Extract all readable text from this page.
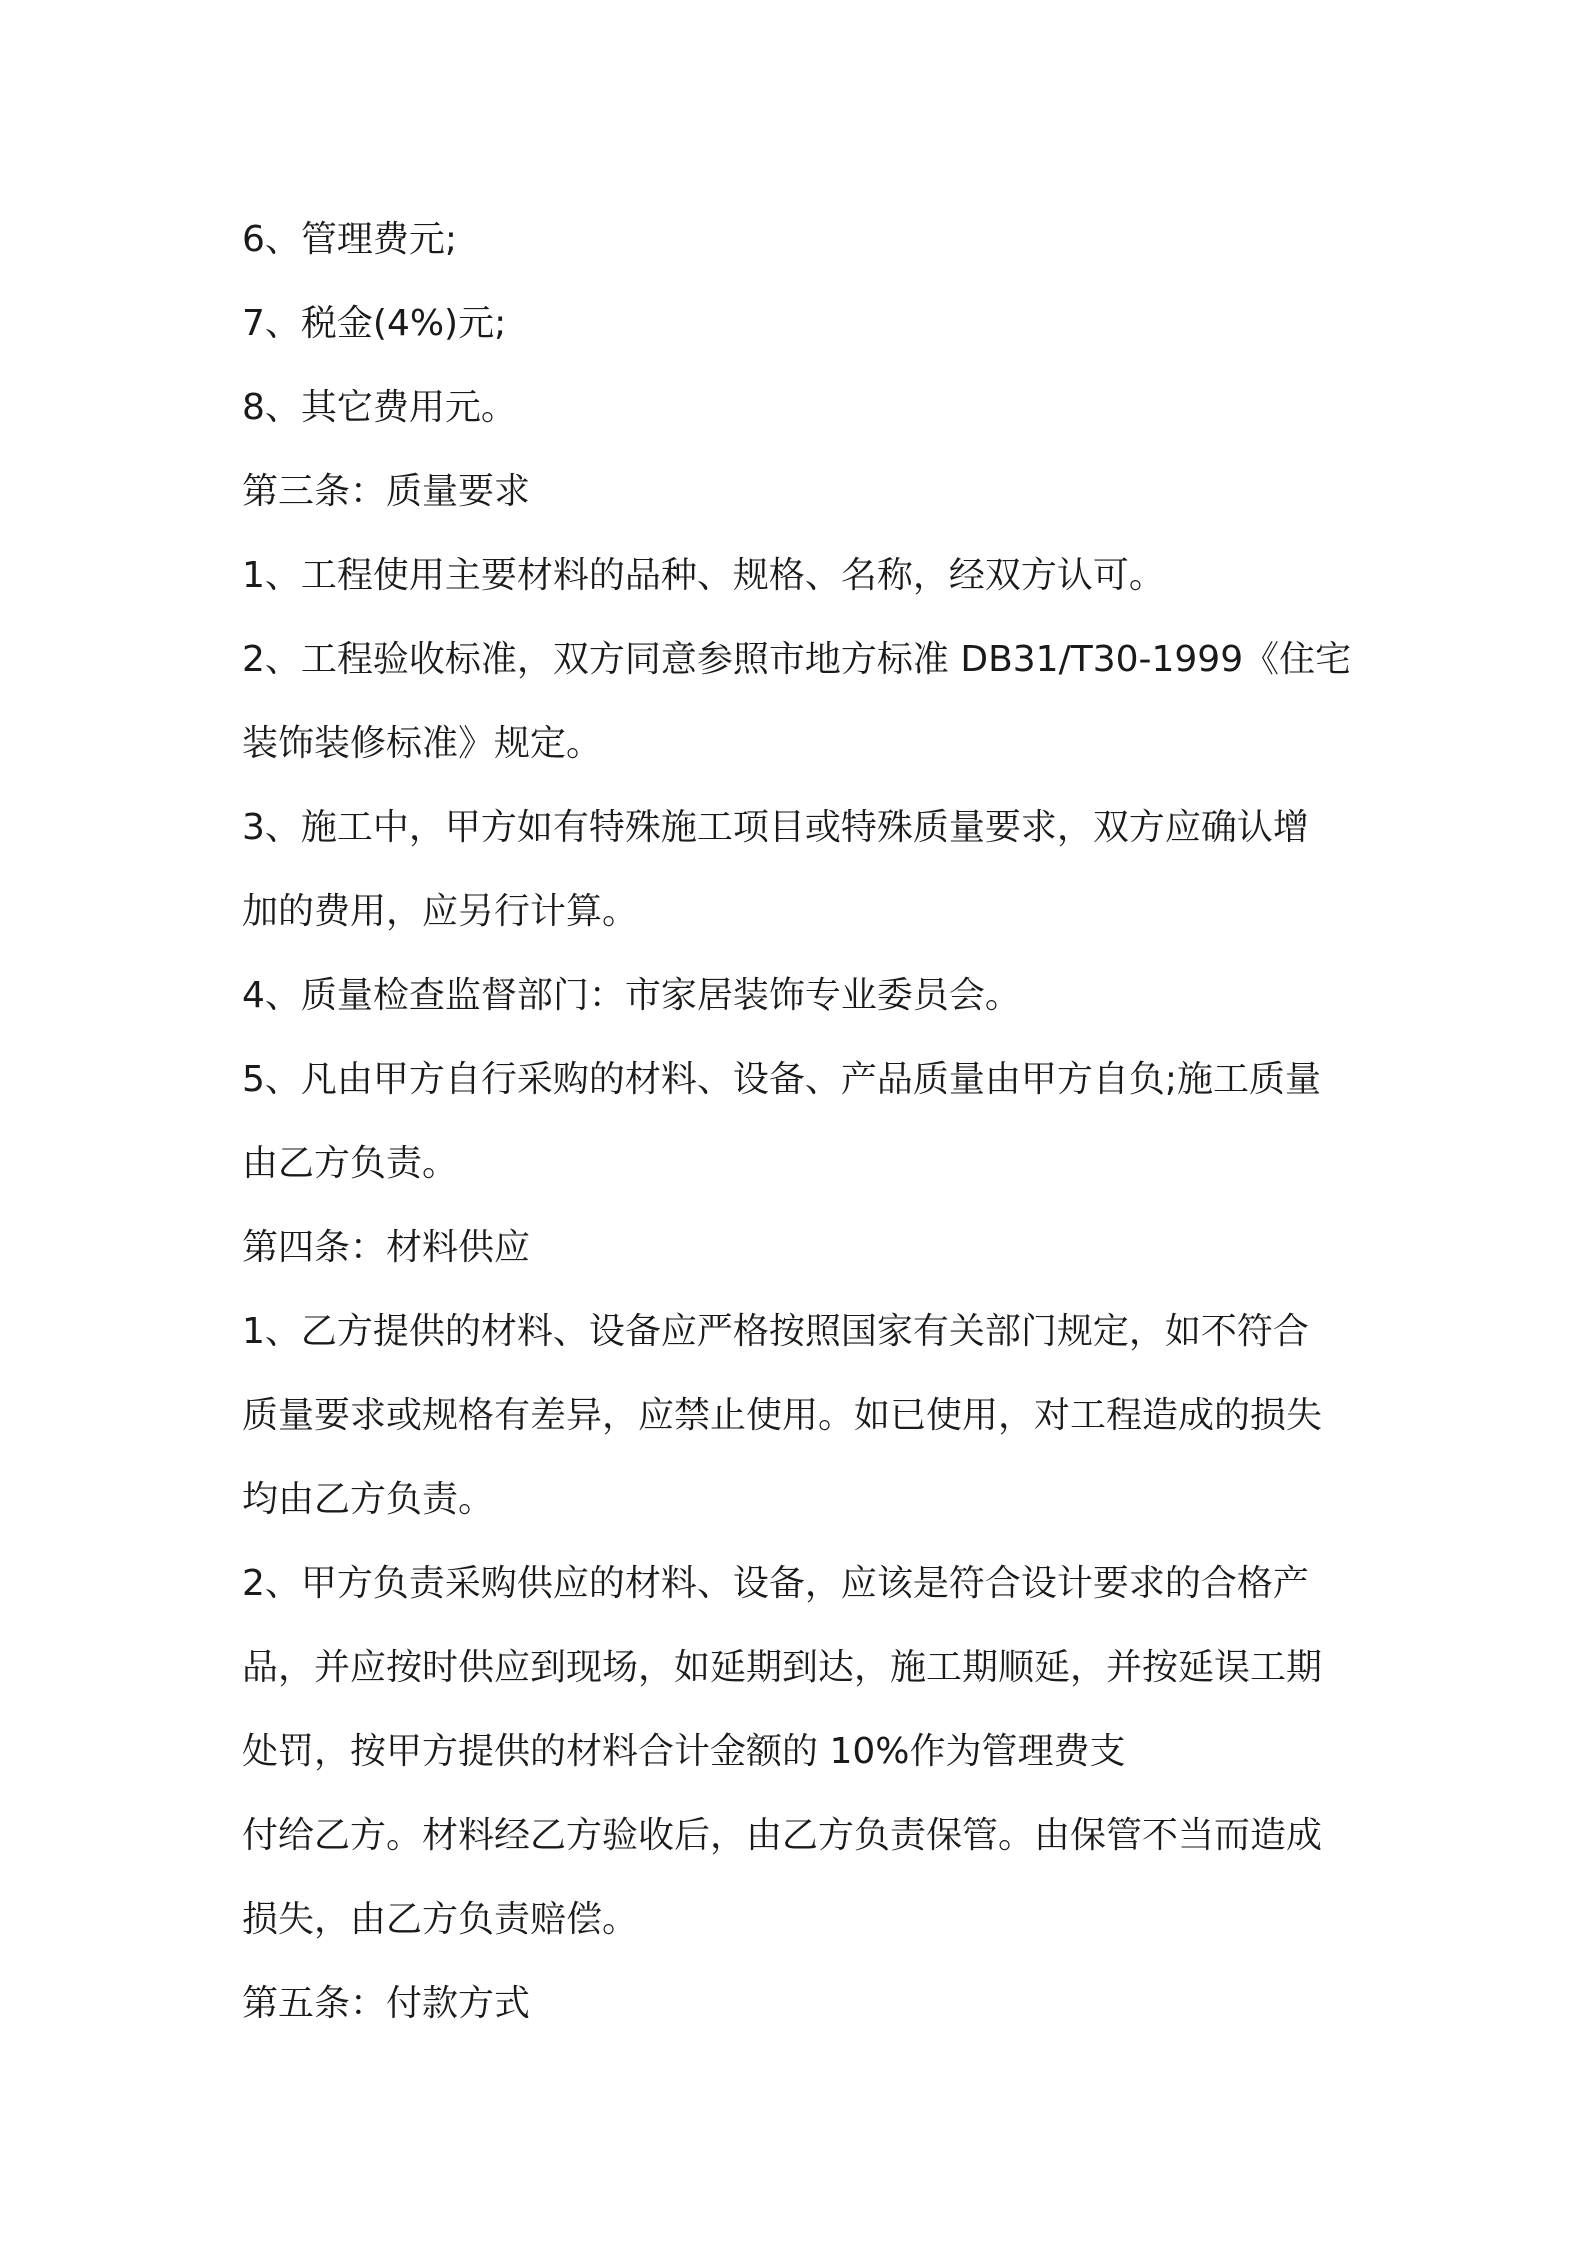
6、管理费元;
7、税金(4%)元;
8、其它费用元。
第三条：质量要求
1、工程使用主要材料的品种、规格、名称，经双方认可。
2、工程验收标准，双方同意参照市地方标准 DB31/T30-1999《住宅
装饰装修标准》规定。
3、施工中，甲方如有特殊施工项目或特殊质量要求，双方应确认增
加的费用，应另行计算。
4、质量检查监督部门：市家居装饰专业委员会。
5、凡由甲方自行采购的材料、设备、产品质量由甲方自负;施工质量
由乙方负责。
第四条：材料供应
1、乙方提供的材料、设备应严格按照国家有关部门规定，如不符合
质量要求或规格有差异，应禁止使用。如已使用，对工程造成的损失
均由乙方负责。
2、甲方负责采购供应的材料、设备，应该是符合设计要求的合格产
品，并应按时供应到现场，如延期到达，施工期顺延，并按延误工期
处罚，按甲方提供的材料合计金额的 10%作为管理费支
付给乙方。材料经乙方验收后，由乙方负责保管。由保管不当而造成
损失，由乙方负责赔偿。
第五条：付款方式
